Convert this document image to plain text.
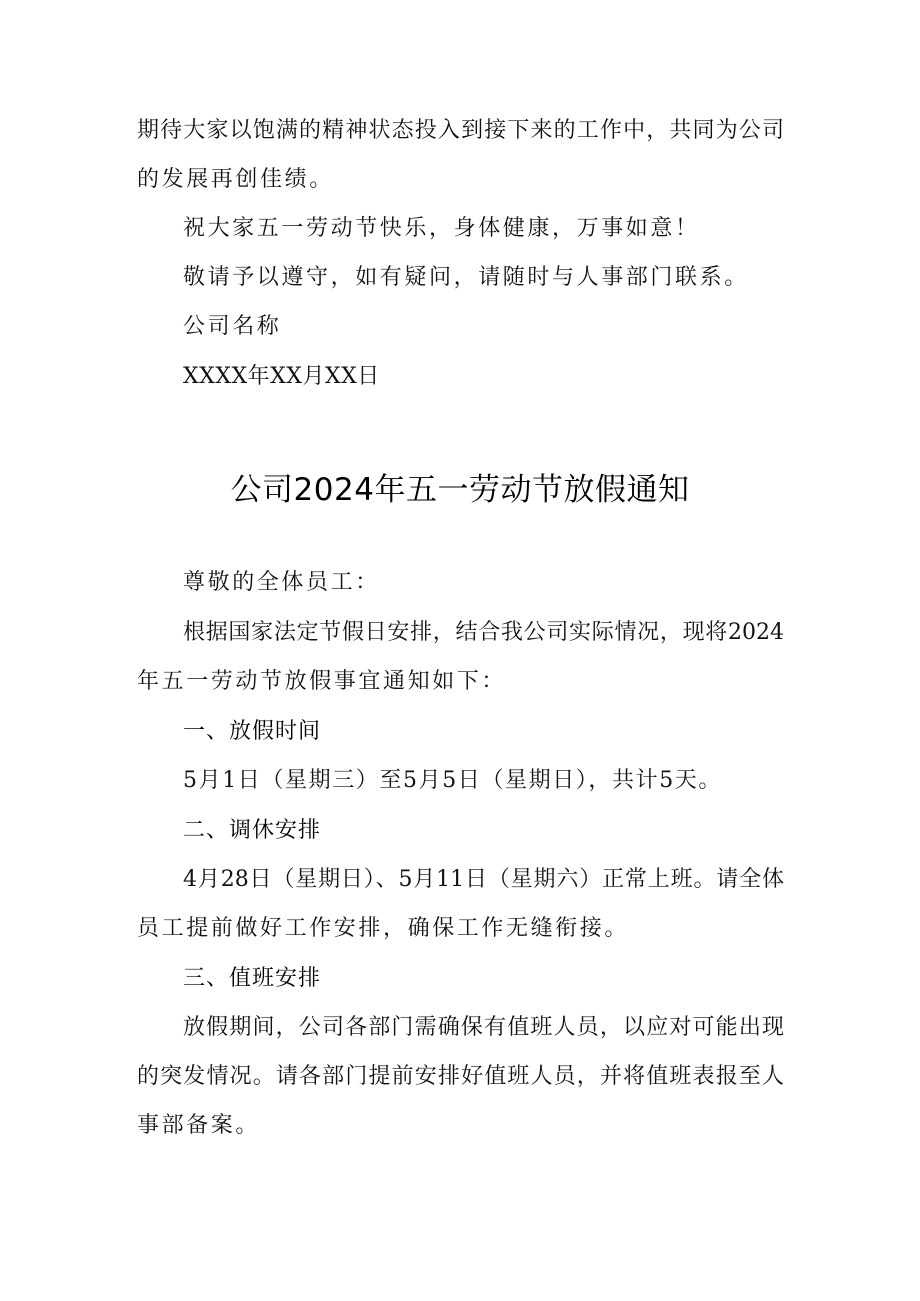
期待大家以饱满的精神状态投入到接下来的工作中，共同为公司
的发展再创佳绩。
祝大家五一劳动节快乐，身体健康，万事如意！
敬请予以遵守，如有疑问，请随时与人事部门联系。
公司名称
XXXX年XX月XX日
公司2024年五一劳动节放假通知
尊敬的全体员工：
根据国家法定节假日安排，结合我公司实际情况，现将2024
年五一劳动节放假事宜通知如下：
一、放假时间
5月1日（星期三）至5月5日（星期日），共计5天。
二、调休安排
4月28日（星期日）、5月11日（星期六）正常上班。请全体
员工提前做好工作安排，确保工作无缝衔接。
三、值班安排
放假期间，公司各部门需确保有值班人员，以应对可能出现
的突发情况。请各部门提前安排好值班人员，并将值班表报至人
事部备案。
